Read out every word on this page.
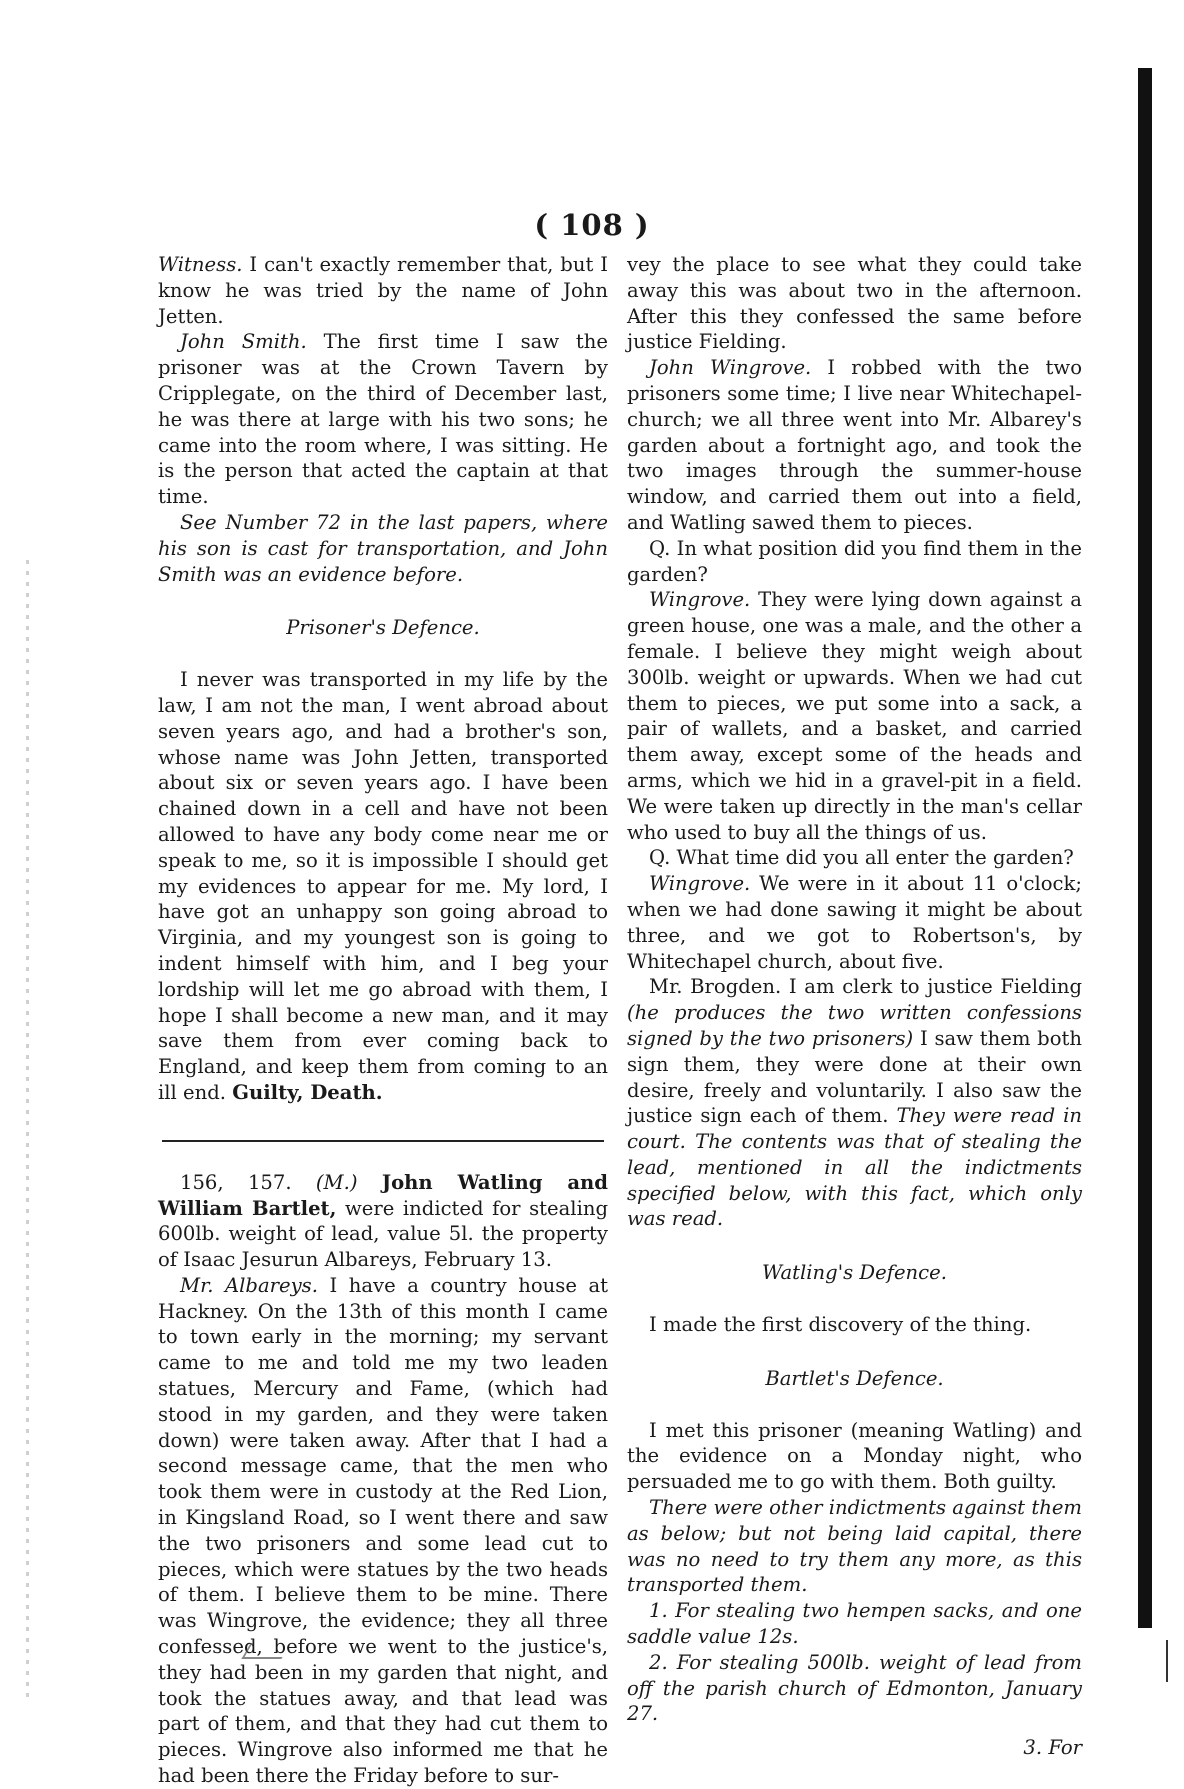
( 108 )

Witness. I can't exactly remember that, but I know he was tried by the name of John Jetten.

John Smith. The first time I saw the prisoner was at the Crown Tavern by Cripplegate, on the third of December last, he was there at large with his two sons; he came into the room where, I was sitting. He is the person that acted the captain at that time.

See Number 72 in the last papers, where his son is cast for transportation, and John Smith was an evidence before.

Prisoner's Defence.

I never was transported in my life by the law, I am not the man, I went abroad about seven years ago, and had a brother's son, whose name was John Jetten, transported about six or seven years ago. I have been chained down in a cell and have not been allowed to have any body come near me or speak to me, so it is impossible I should get my evidences to appear for me. My lord, I have got an unhappy son going abroad to Virginia, and my youngest son is going to indent himself with him, and I beg your lordship will let me go abroad with them, I hope I shall become a new man, and it may save them from ever coming back to England, and keep them from coming to an ill end. Guilty, Death.

156, 157. (M.) John Watling and William Bartlet, were indicted for stealing 600lb. weight of lead, value 5l. the property of Isaac Jesurun Albareys, February 13.

Mr. Albareys. I have a country house at Hackney. On the 13th of this month I came to town early in the morning; my servant came to me and told me my two leaden statues, Mercury and Fame, (which had stood in my garden, and they were taken down) were taken away. After that I had a second message came, that the men who took them were in custody at the Red Lion, in Kingsland Road, so I went there and saw the two prisoners and some lead cut to pieces, which were statues by the two heads of them. I believe them to be mine. There was Wingrove, the evidence; they all three confessed, before we went to the justice's, they had been in my garden that night, and took the statues away, and that lead was part of them, and that they had cut them to pieces. Wingrove also informed me that he had been there the Friday before to sur-

vey the place to see what they could take away this was about two in the afternoon. After this they confessed the same before justice Fielding.

John Wingrove. I robbed with the two prisoners some time; I live near Whitechapel-church; we all three went into Mr. Albarey's garden about a fortnight ago, and took the two images through the summer-house window, and carried them out into a field, and Watling sawed them to pieces.

Q. In what position did you find them in the garden?

Wingrove. They were lying down against a green house, one was a male, and the other a female. I believe they might weigh about 300lb. weight or upwards. When we had cut them to pieces, we put some into a sack, a pair of wallets, and a basket, and carried them away, except some of the heads and arms, which we hid in a gravel-pit in a field. We were taken up directly in the man's cellar who used to buy all the things of us.

Q. What time did you all enter the garden?

Wingrove. We were in it about 11 o'clock; when we had done sawing it might be about three, and we got to Robertson's, by Whitechapel church, about five.

Mr. Brogden. I am clerk to justice Fielding (he produces the two written confessions signed by the two prisoners) I saw them both sign them, they were done at their own desire, freely and voluntarily. I also saw the justice sign each of them. They were read in court. The contents was that of stealing the lead, mentioned in all the indictments specified below, with this fact, which only was read.

Watling's Defence.

I made the first discovery of the thing.

Bartlet's Defence.

I met this prisoner (meaning Watling) and the evidence on a Monday night, who persuaded me to go with them. Both guilty.

There were other indictments against them as below; but not being laid capital, there was no need to try them any more, as this transported them.

1. For stealing two hempen sacks, and one saddle value 12s.

2. For stealing 500lb. weight of lead from off the parish church of Edmonton, January 27.

3. For
